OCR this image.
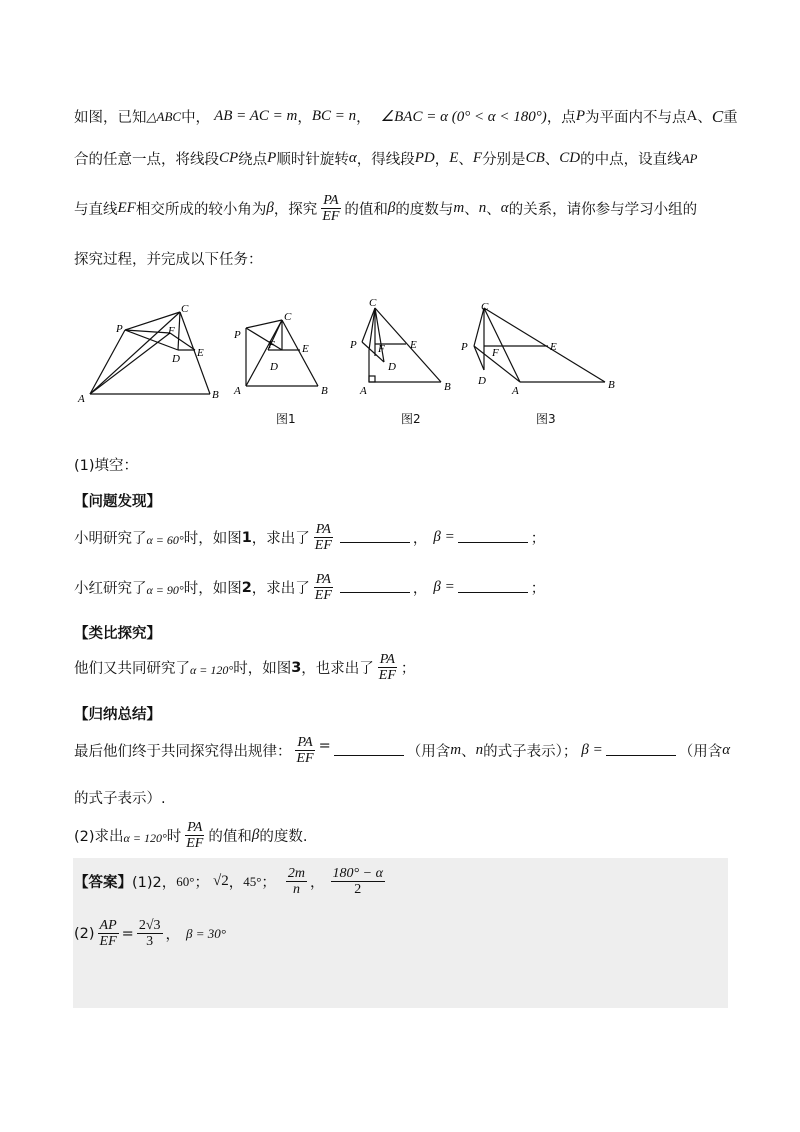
如图，已知 △ABC 中， AB = AC = m ， BC = n ， ∠BAC = α (0° < α < 180°) ，点 P 为平面内不与点 A 、 C 重
合的任意一点，将线段 CP 绕点 P 顺时针旋转 α ，得线段 PD ， E 、 F 分别是 CB 、 CD 的中点，设直线 AP
与直线 EF 相交所成的较小角为 β ，探究 $\frac{PA}{EF}$ 的值和 β 的度数与 m 、 n 、 α 的关系，请你参与学习小组的
探究过程，并完成以下任务：
A	B
C
P
D E
F
A	B
C
P
D
E
F
A	B
C
P
D
E
F
A	B
C
P
D
E
F
图1	图2	图3
(1)填空：
【问题发现】
小明研究了 α = 60° 时，如图 1 ，求出了 $\frac{PA}{EF}$	， β =	；
小红研究了 α = 90° 时，如图 2 ，求出了 $\frac{PA}{EF}$	， β =	；
【类比探究】
他们又共同研究了 α = 120° 时，如图 3 ，也求出了 $\frac{PA}{EF}$ ；
【归纳总结】
最后他们终于共同探究得出规律： $\frac{PA}{EF}$ =	（用含 m 、 n 的式子表示）； β =	（用含 α
的式子表示）.
(2)求出 α = 120° 时 $\frac{PA}{EF}$ 的值和 β 的度数.
【答案】 (1)2， 60° ； √2 ， 45° ； $\frac{2m}{n}$ ， $\frac{180^\circ - \alpha}{2}$
$(2) \frac{AP}{EF} = \frac{2√3}{3}$ ， β = 30°
